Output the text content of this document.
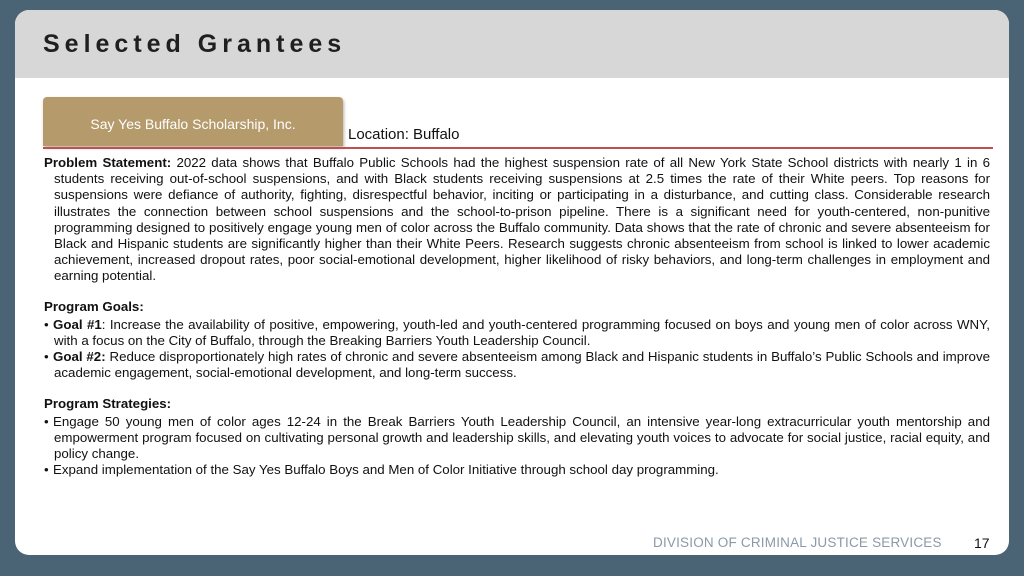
Selected Grantees
Say Yes Buffalo Scholarship, Inc.
Location: Buffalo

Problem Statement: 2022 data shows that Buffalo Public Schools had the highest suspension rate of all New York State School districts with nearly 1 in 6 students receiving out-of-school suspensions, and with Black students receiving suspensions at 2.5 times the rate of their White peers. Top reasons for suspensions were defiance of authority, fighting, disrespectful behavior, inciting or participating in a disturbance, and cutting class. Considerable research illustrates the connection between school suspensions and the school-to-prison pipeline. There is a significant need for youth-centered, non-punitive programming designed to positively engage young men of color across the Buffalo community. Data shows that the rate of chronic and severe absenteeism for Black and Hispanic students are significantly higher than their White Peers. Research suggests chronic absenteeism from school is linked to lower academic achievement, increased dropout rates, poor social-emotional development, higher likelihood of risky behaviors, and long-term challenges in employment and earning potential.

Program Goals:

• Goal #1: Increase the availability of positive, empowering, youth-led and youth-centered programming focused on boys and young men of color across WNY, with a focus on the City of Buffalo, through the Breaking Barriers Youth Leadership Council.

• Goal #2: Reduce disproportionately high rates of chronic and severe absenteeism among Black and Hispanic students in Buffalo’s Public Schools and improve academic engagement, social-emotional development, and long-term success.

Program Strategies:

• Engage 50 young men of color ages 12-24 in the Break Barriers Youth Leadership Council, an intensive year-long extracurricular youth mentorship and empowerment program focused on cultivating personal growth and leadership skills, and elevating youth voices to advocate for social justice, racial equity, and policy change.

• Expand implementation of the Say Yes Buffalo Boys and Men of Color Initiative through school day programming.

DIVISION OF CRIMINAL JUSTICE SERVICES 17
